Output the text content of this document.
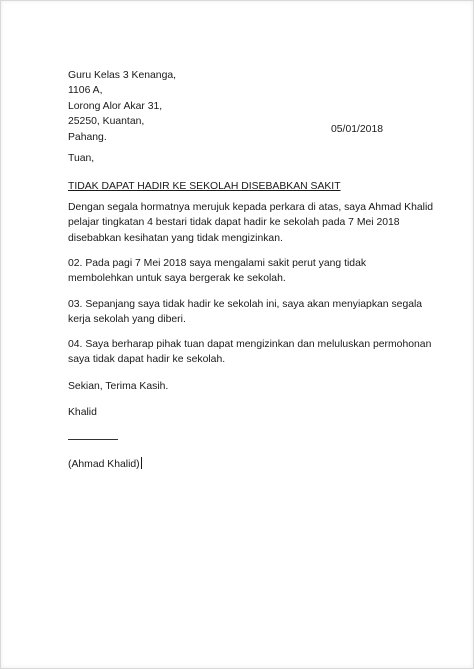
Guru Kelas 3 Kenanga,
1106 A,
Lorong Alor Akar 31,
25250, Kuantan,
Pahang.
05/01/2018
Tuan,
TIDAK DAPAT HADIR KE SEKOLAH DISEBABKAN SAKIT

Dengan segala hormatnya merujuk kepada perkara di atas, saya Ahmad Khalid

pelajar tingkatan 4 bestari tidak dapat hadir ke sekolah pada 7 Mei 2018

disebabkan kesihatan yang tidak mengizinkan.

02. Pada pagi 7 Mei 2018 saya mengalami sakit perut yang tidak

membolehkan untuk saya bergerak ke sekolah.

03. Sepanjang saya tidak hadir ke sekolah ini, saya akan menyiapkan segala

kerja sekolah yang diberi.

04. Saya berharap pihak tuan dapat mengizinkan dan meluluskan permohonan

saya tidak dapat hadir ke sekolah.

Sekian, Terima Kasih.
Khalid
(Ahmad Khalid)
